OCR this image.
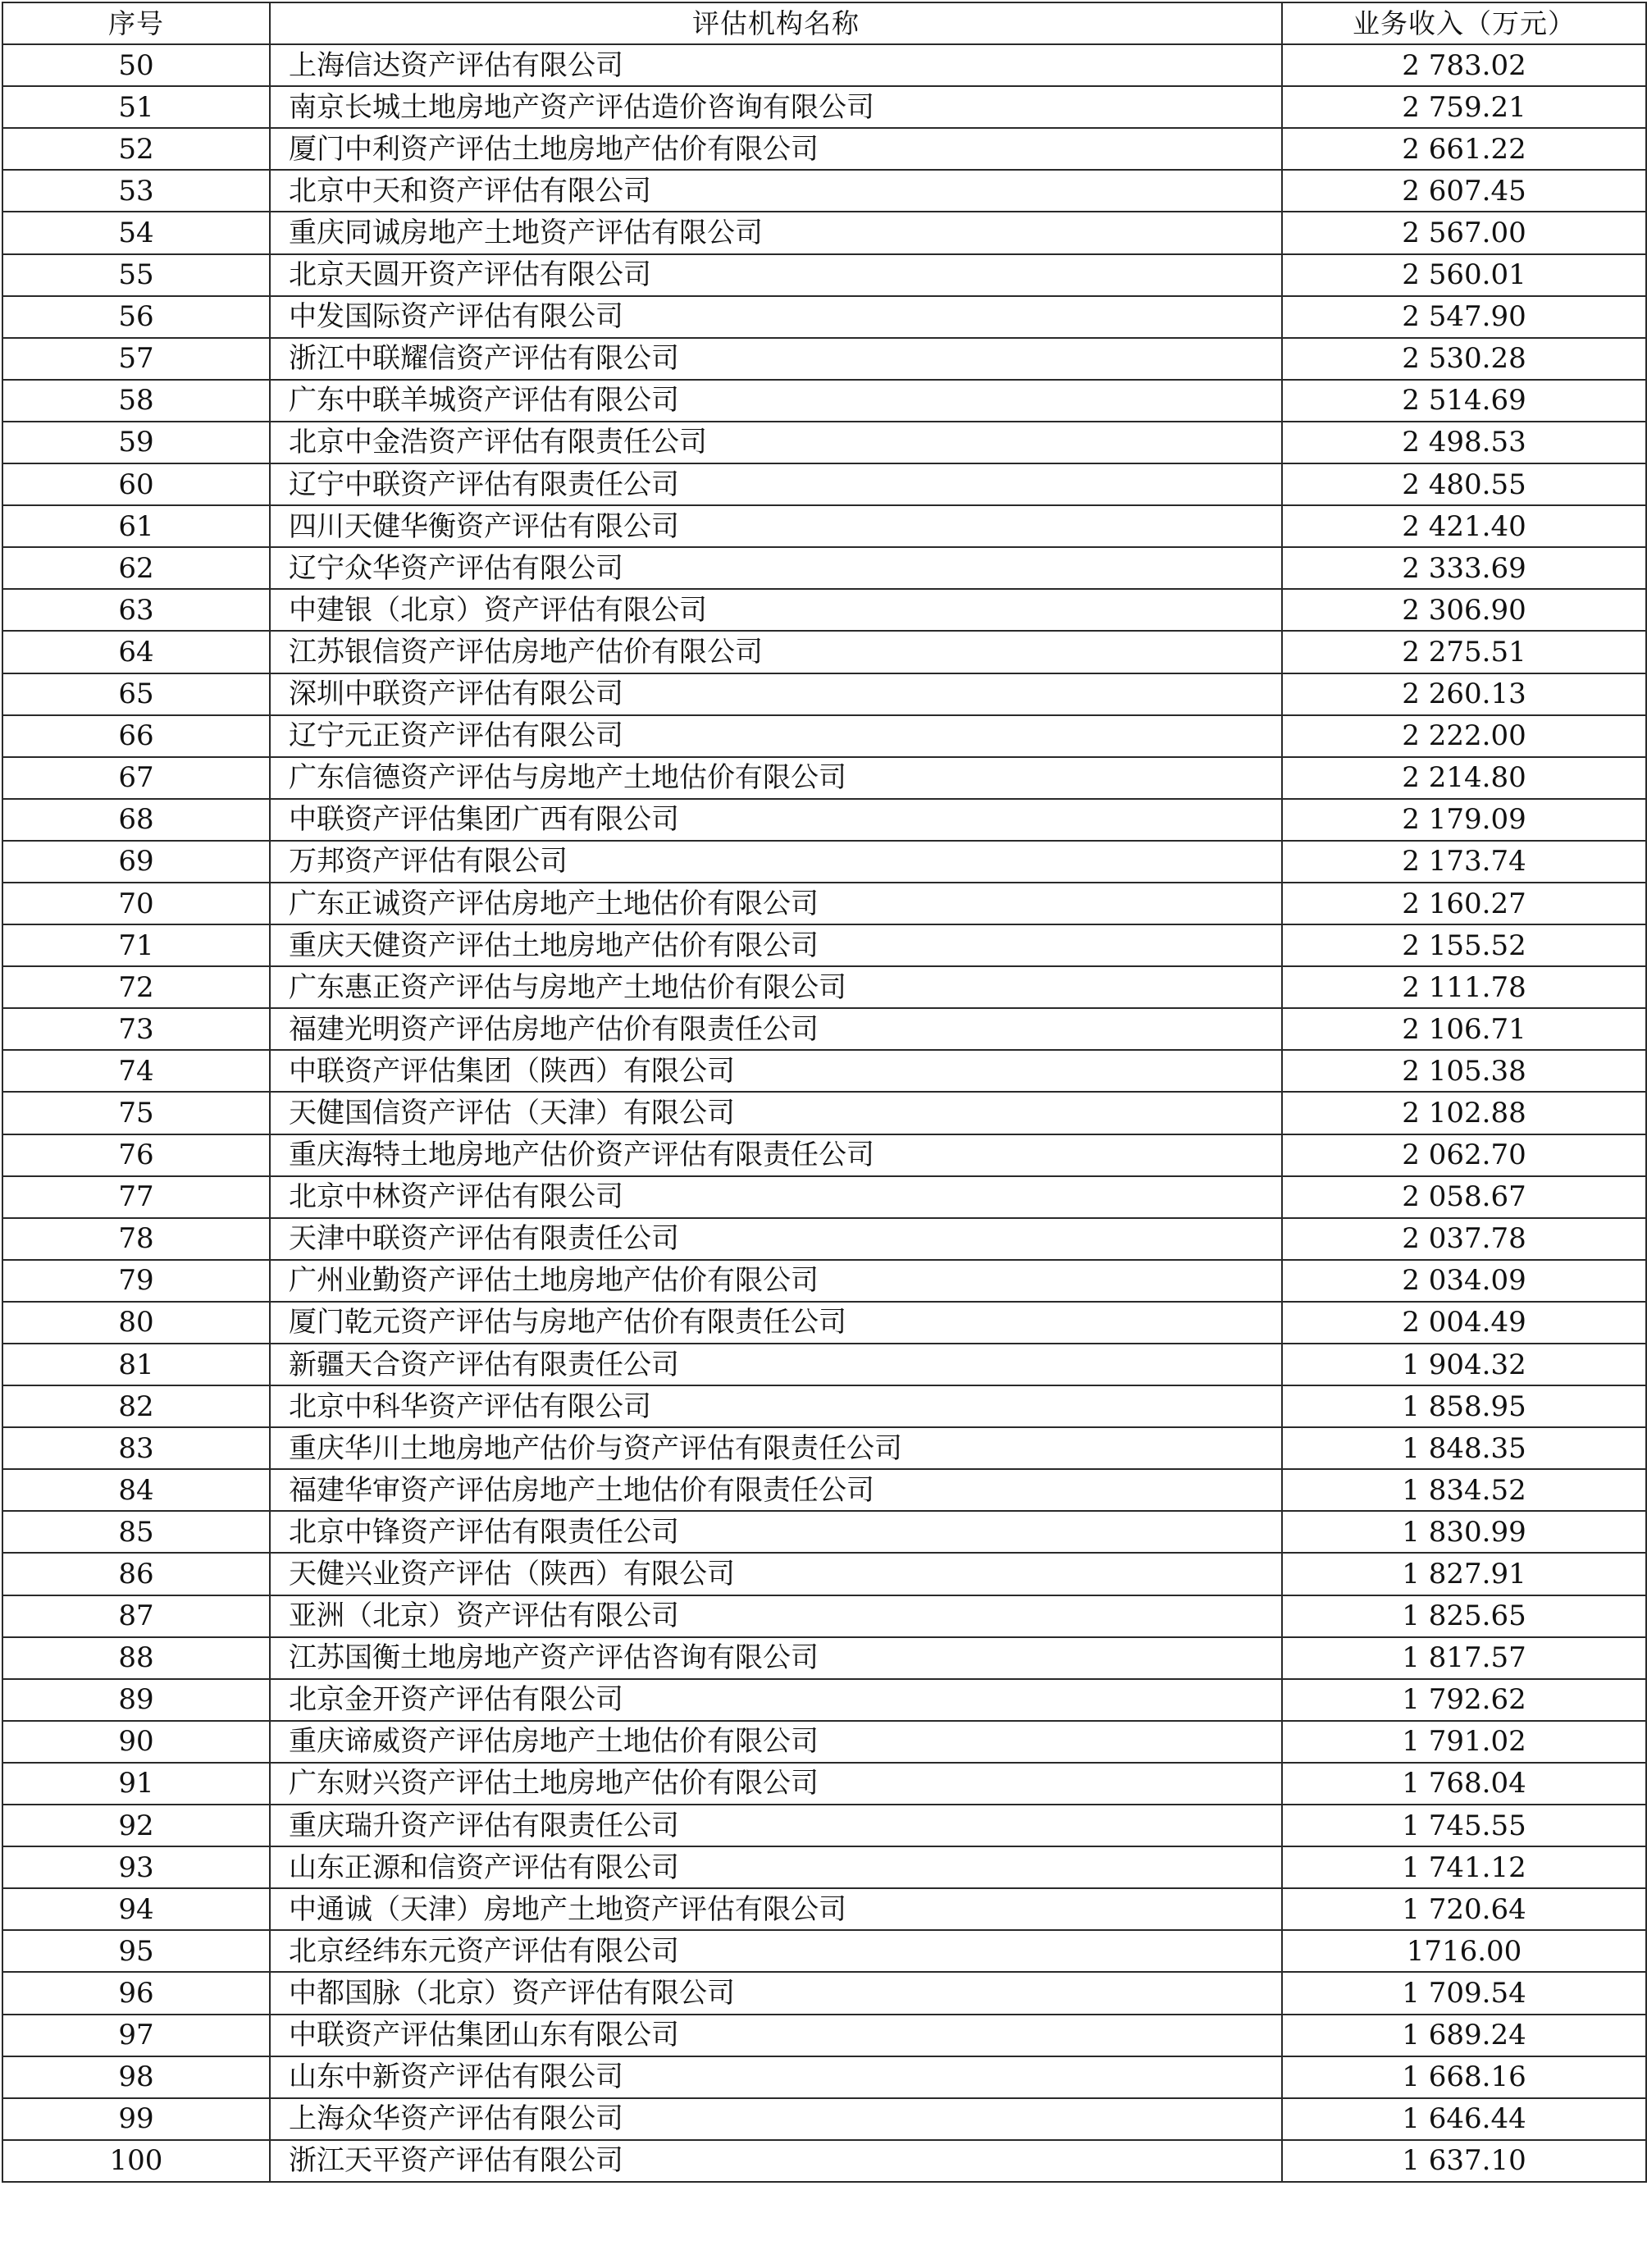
序号	评估机构名称	业务收入（万元）
50	上海信达资产评估有限公司	2 783.02
51	南京长城土地房地产资产评估造价咨询有限公司	2 759.21
52	厦门中利资产评估土地房地产估价有限公司	2 661.22
53	北京中天和资产评估有限公司	2 607.45
54	重庆同诚房地产土地资产评估有限公司	2 567.00
55	北京天圆开资产评估有限公司	2 560.01
56	中发国际资产评估有限公司	2 547.90
57	浙江中联耀信资产评估有限公司	2 530.28
58	广东中联羊城资产评估有限公司	2 514.69
59	北京中金浩资产评估有限责任公司	2 498.53
60	辽宁中联资产评估有限责任公司	2 480.55
61	四川天健华衡资产评估有限公司	2 421.40
62	辽宁众华资产评估有限公司	2 333.69
63	中建银（北京）资产评估有限公司	2 306.90
64	江苏银信资产评估房地产估价有限公司	2 275.51
65	深圳中联资产评估有限公司	2 260.13
66	辽宁元正资产评估有限公司	2 222.00
67	广东信德资产评估与房地产土地估价有限公司	2 214.80
68	中联资产评估集团广西有限公司	2 179.09
69	万邦资产评估有限公司	2 173.74
70	广东正诚资产评估房地产土地估价有限公司	2 160.27
71	重庆天健资产评估土地房地产估价有限公司	2 155.52
72	广东惠正资产评估与房地产土地估价有限公司	2 111.78
73	福建光明资产评估房地产估价有限责任公司	2 106.71
74	中联资产评估集团（陕西）有限公司	2 105.38
75	天健国信资产评估（天津）有限公司	2 102.88
76	重庆海特土地房地产估价资产评估有限责任公司	2 062.70
77	北京中林资产评估有限公司	2 058.67
78	天津中联资产评估有限责任公司	2 037.78
79	广州业勤资产评估土地房地产估价有限公司	2 034.09
80	厦门乾元资产评估与房地产估价有限责任公司	2 004.49
81	新疆天合资产评估有限责任公司	1 904.32
82	北京中科华资产评估有限公司	1 858.95
83	重庆华川土地房地产估价与资产评估有限责任公司	1 848.35
84	福建华审资产评估房地产土地估价有限责任公司	1 834.52
85	北京中锋资产评估有限责任公司	1 830.99
86	天健兴业资产评估（陕西）有限公司	1 827.91
87	亚洲（北京）资产评估有限公司	1 825.65
88	江苏国衡土地房地产资产评估咨询有限公司	1 817.57
89	北京金开资产评估有限公司	1 792.62
90	重庆谛威资产评估房地产土地估价有限公司	1 791.02
91	广东财兴资产评估土地房地产估价有限公司	1 768.04
92	重庆瑞升资产评估有限责任公司	1 745.55
93	山东正源和信资产评估有限公司	1 741.12
94	中通诚（天津）房地产土地资产评估有限公司	1 720.64
95	北京经纬东元资产评估有限公司	1716.00
96	中都国脉（北京）资产评估有限公司	1 709.54
97	中联资产评估集团山东有限公司	1 689.24
98	山东中新资产评估有限公司	1 668.16
99	上海众华资产评估有限公司	1 646.44
100	浙江天平资产评估有限公司	1 637.10
